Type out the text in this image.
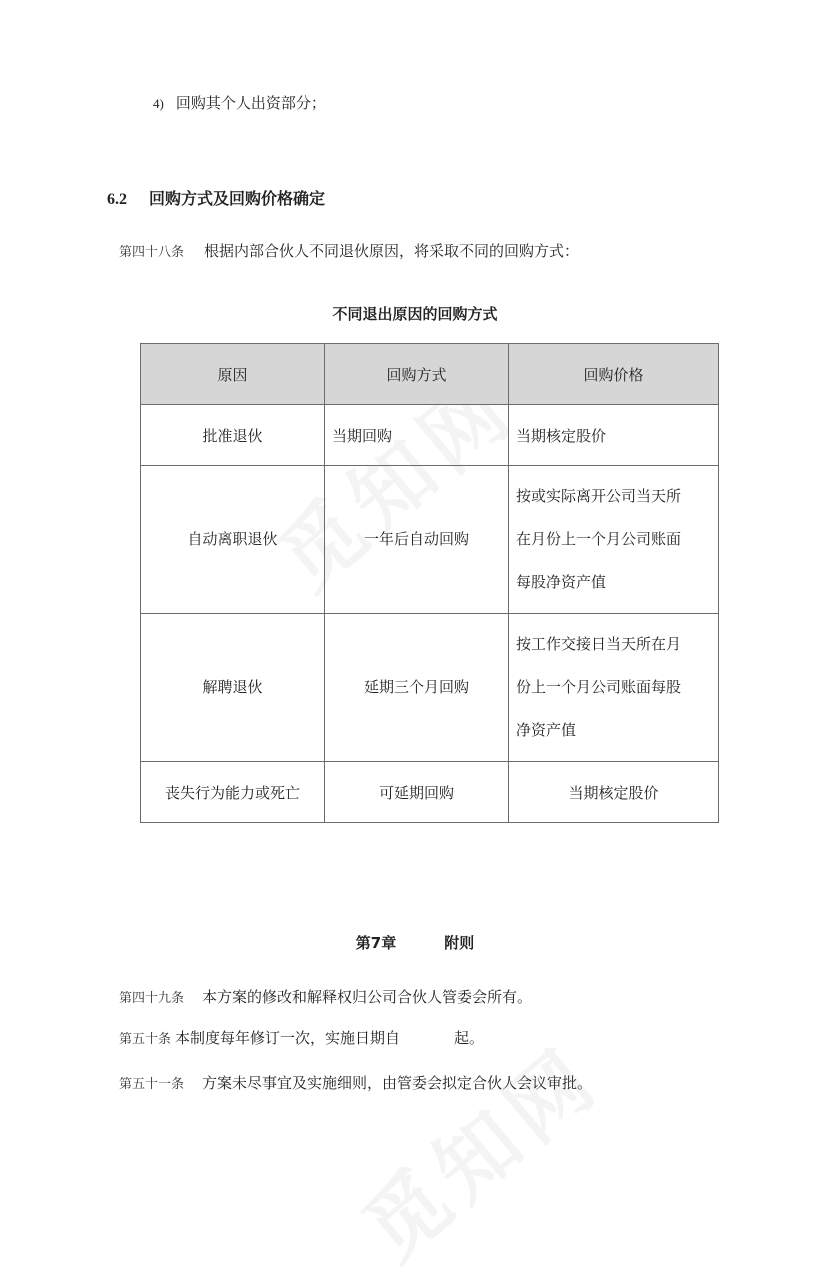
4) 回购其个人出资部分；
6.2 回购方式及回购价格确定
第四十八条 根据内部合伙人不同退伙原因，将采取不同的回购方式：
不同退出原因的回购方式
原因	回购方式	回购价格
批准退伙	当期回购	当期核定股价
自动离职退伙	一年后自动回购	按或实际离开公司当天所
在月份上一个月公司账面
每股净资产值

解聘退伙	延期三个月回购	按工作交接日当天所在月
份上一个月公司账面每股
净资产值

丧失行为能力或死亡	可延期回购	当期核定股价
第7章	附则
第四十九条 本方案的修改和解释权归公司合伙人管委会所有。
第五十条 本制度每年修订一次，实施日期自	起。
第五十一条 方案未尽事宜及实施细则，由管委会拟定合伙人会议审批。
